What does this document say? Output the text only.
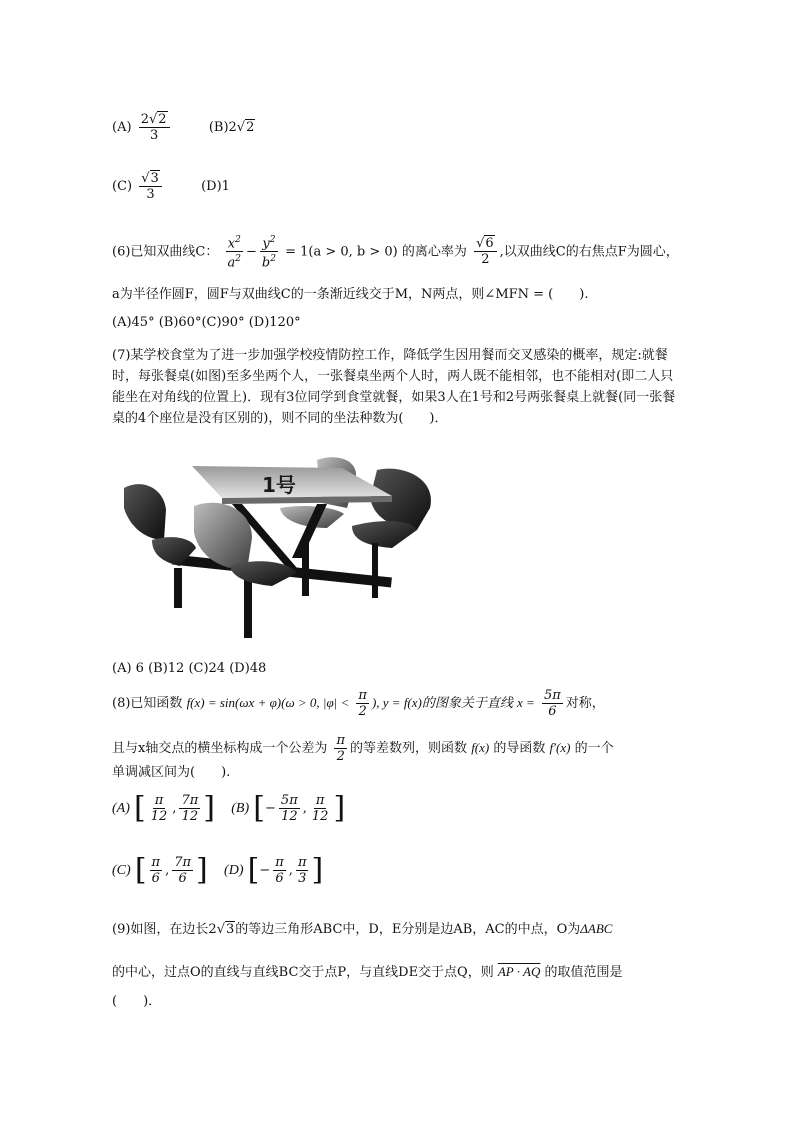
$(A) \frac{2√2}{3}$	(B)2√2
$(C) \frac{√3}{3}$	(D)1
(6)已知双曲线C： $\frac{x^2}{a^2} - \frac{y^2}{b^2} = 1(a > 0$, b > 0) 的离心率为 $\frac{√6}{2}$ ,以双曲线C的右焦点F为圆心，
a为半径作圆F，圆F与双曲线C的一条渐近线交于M，N两点，则∠MFN = (　　).
(A)45° (B)60°(C)90° (D)120°
(7)某学校食堂为了进一步加强学校疫情防控工作，降低学生因用餐而交叉感染的概率，规定:就餐时，每张餐桌(如图)至多坐两个人，一张餐桌坐两个人时，两人既不能相邻，也不能相对(即二人只能坐在对角线的位置上)．现有3位同学到食堂就餐，如果3人在1号和2号两张餐桌上就餐(同一张餐桌的4个座位是没有区别的)，则不同的坐法种数为(　　)．
1号
(A) 6 (B)12 (C)24 (D)48
(8)已知函数 f(x) = sin(ωx + φ)(ω > 0, $|\varphi| < \frac{\pi}{2}$ ), y = f(x)的图象关于直线 $x = \frac{5\pi}{6}$ 对称，
且与x轴交点的横坐标构成一个公差为 $\frac{\pi}{2}$ 的等差数列，则函数 f(x) 的导函数 f′(x) 的一个
单调减区间为(　　).
(A) [ $\frac{\pi}{12}$ , $\frac{7\pi}{12}$ ] (B) [− $\frac{5\pi}{12}$ , $\frac{\pi}{12}$ ]
(C) [ $\frac{\pi}{6}$ , $\frac{7\pi}{6}$ ] (D) [− $\frac{\pi}{6}$ , $\frac{\pi}{3}$ ]
(9)如图，在边长2√3的等边三角形ABC中，D，E分别是边AB，AC的中点，O为ΔABC
的中心，过点O的直线与直线BC交于点P，与直线DE交于点Q，则 AP · AQ 的取值范围是
(　　)．
